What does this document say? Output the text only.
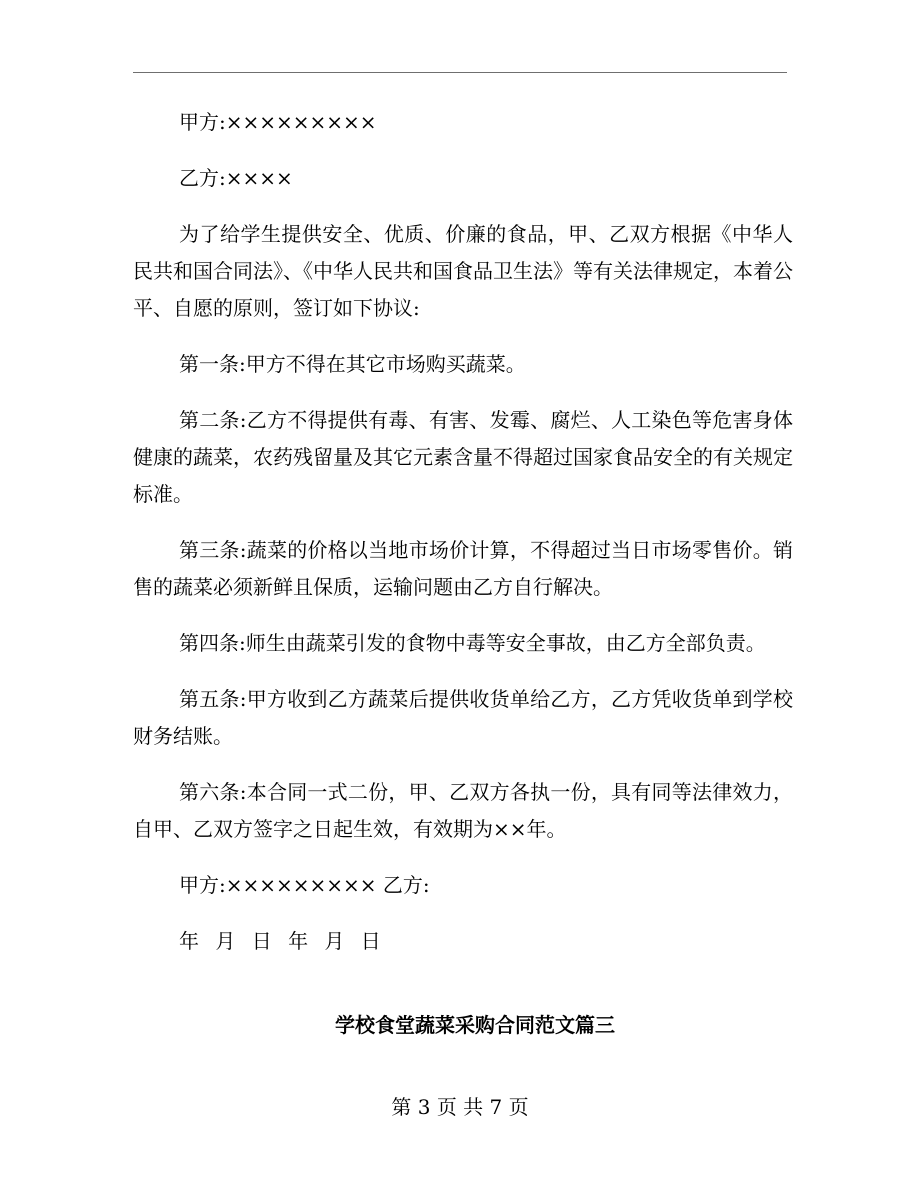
甲方:×××××××××

乙方:××××

为了给学生提供安全、优质、价廉的食品，甲、乙双方根据《中华人民共和国合同法》、《中华人民共和国食品卫生法》等有关法律规定，本着公平、自愿的原则，签订如下协议:

第一条:甲方不得在其它市场购买蔬菜。

第二条:乙方不得提供有毒、有害、发霉、腐烂、人工染色等危害身体健康的蔬菜，农药残留量及其它元素含量不得超过国家食品安全的有关规定标准。

第三条:蔬菜的价格以当地市场价计算，不得超过当日市场零售价。销售的蔬菜必须新鲜且保质，运输问题由乙方自行解决。

第四条:师生由蔬菜引发的食物中毒等安全事故，由乙方全部负责。

第五条:甲方收到乙方蔬菜后提供收货单给乙方，乙方凭收货单到学校财务结账。

第六条:本合同一式二份，甲、乙双方各执一份，具有同等法律效力，自甲、乙双方签字之日起生效，有效期为××年。

甲方:××××××××× 乙方:

年 月 日 年 月 日

学校食堂蔬菜采购合同范文篇三
第 3 页 共 7 页
